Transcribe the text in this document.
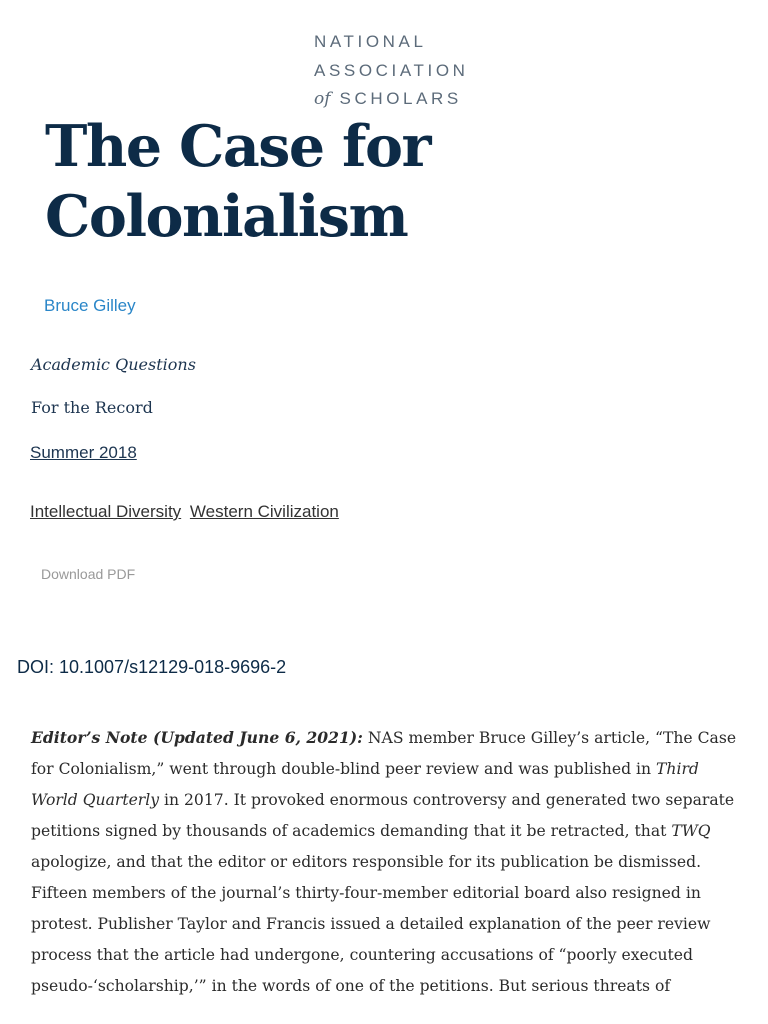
NATIONAL
ASSOCIATION
of SCHOLARS
The Case for Colonialism
Bruce Gilley
Academic Questions
For the Record
Summer 2018
Intellectual Diversity Western Civilization
Download PDF
DOI: 10.1007/s12129-018-9696-2
Editor’s Note (Updated June 6, 2021): NAS member Bruce Gilley’s article, “The Case for Colonialism,” went through double-blind peer review and was published in Third World Quarterly in 2017. It provoked enormous controversy and generated two separate petitions signed by thousands of academics demanding that it be retracted, that TWQ apologize, and that the editor or editors responsible for its publication be dismissed. Fifteen members of the journal’s thirty-four-member editorial board also resigned in protest. Publisher Taylor and Francis issued a detailed explanation of the peer review process that the article had undergone, countering accusations of “poorly executed pseudo-‘scholarship,’” in the words of one of the petitions. But serious threats of
